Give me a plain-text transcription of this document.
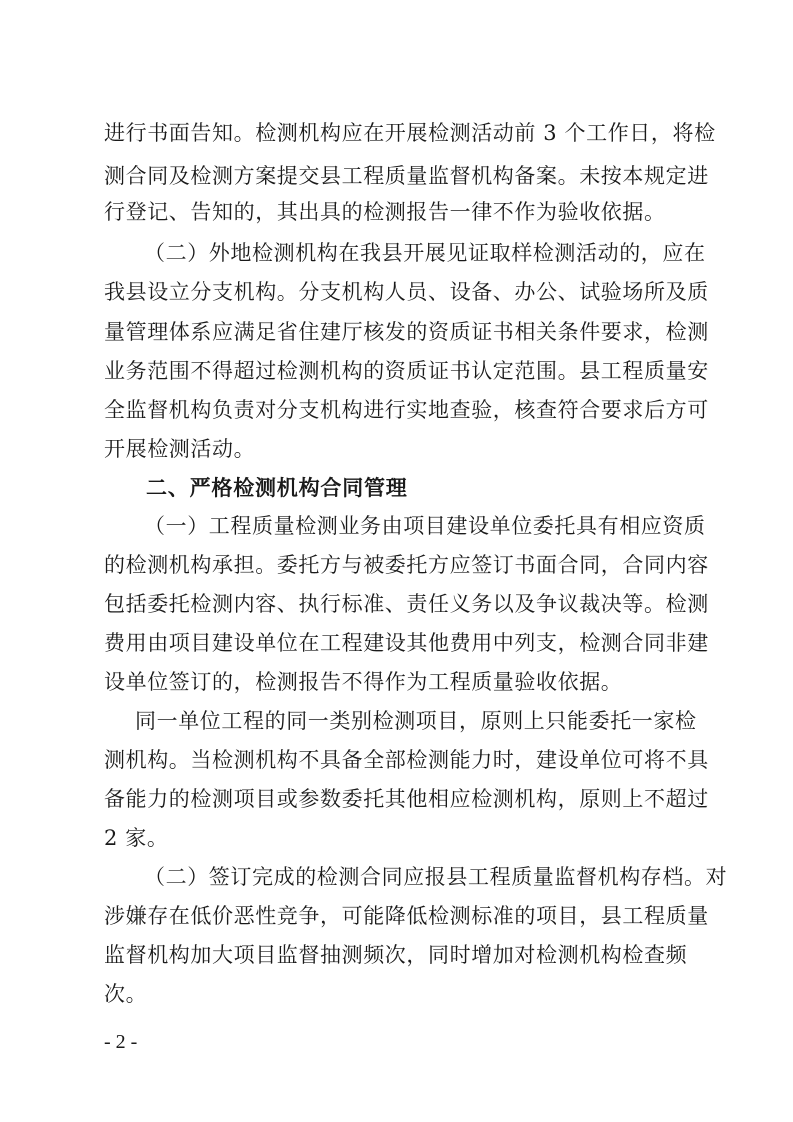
进行书面告知。检测机构应在开展检测活动前 3 个工作日，将检
测合同及检测方案提交县工程质量监督机构备案。未按本规定进
行登记、告知的，其出具的检测报告一律不作为验收依据。
（二）外地检测机构在我县开展见证取样检测活动的，应在
我县设立分支机构。分支机构人员、设备、办公、试验场所及质
量管理体系应满足省住建厅核发的资质证书相关条件要求，检测
业务范围不得超过检测机构的资质证书认定范围。县工程质量安
全监督机构负责对分支机构进行实地查验，核查符合要求后方可
开展检测活动。
二、严格检测机构合同管理
（一）工程质量检测业务由项目建设单位委托具有相应资质
的检测机构承担。委托方与被委托方应签订书面合同，合同内容
包括委托检测内容、执行标准、责任义务以及争议裁决等。检测
费用由项目建设单位在工程建设其他费用中列支，检测合同非建
设单位签订的，检测报告不得作为工程质量验收依据。
同一单位工程的同一类别检测项目，原则上只能委托一家检
测机构。当检测机构不具备全部检测能力时，建设单位可将不具
备能力的检测项目或参数委托其他相应检测机构，原则上不超过
2 家。
（二）签订完成的检测合同应报县工程质量监督机构存档。对
涉嫌存在低价恶性竞争，可能降低检测标准的项目，县工程质量
监督机构加大项目监督抽测频次，同时增加对检测机构检查频
次。
- 2 -
